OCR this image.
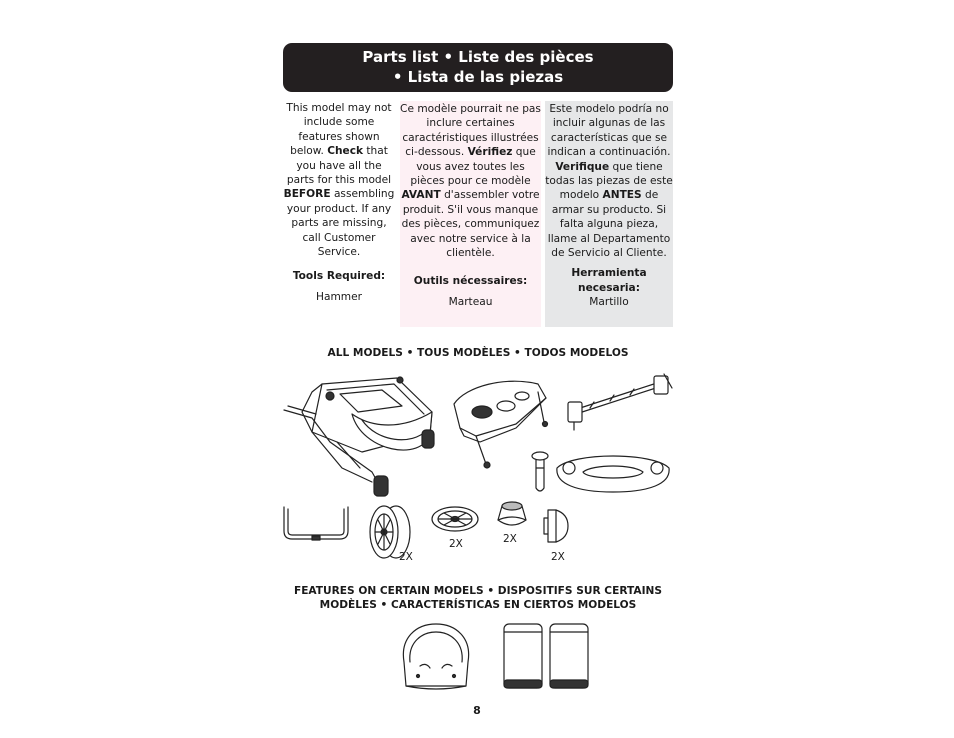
Parts list • Liste des pièces
• Lista de las piezas

This model may not include some features shown below. Check that you have all the parts for this model BEFORE assembling your product. If any parts are missing, call Customer Service.

Tools Required:

Hammer

Ce modèle pourrait ne pas inclure certaines caractéristiques illustrées ci-dessous. Vérifiez que vous avez toutes les pièces pour ce modèle AVANT d'assembler votre produit. S'il vous manque des pièces, communiquez avec notre service à la clientèle.

Outils nécessaires:

Marteau

Este modelo podría no incluir algunas de las características que se indican a continuación. Verifique que tiene todas las piezas de este modelo ANTES de armar su producto. Si falta alguna pieza, llame al Departamento de Servicio al Cliente.

Herramienta necesaria:

Martillo

ALL MODELS • TOUS MODÈLES • TODOS MODELOS
2X
2X	2X
2X
FEATURES ON CERTAIN MODELS • DISPOSITIFS SUR CERTAINS MODÈLES • CARACTERÍSTICAS EN CIERTOS MODELOS
8
